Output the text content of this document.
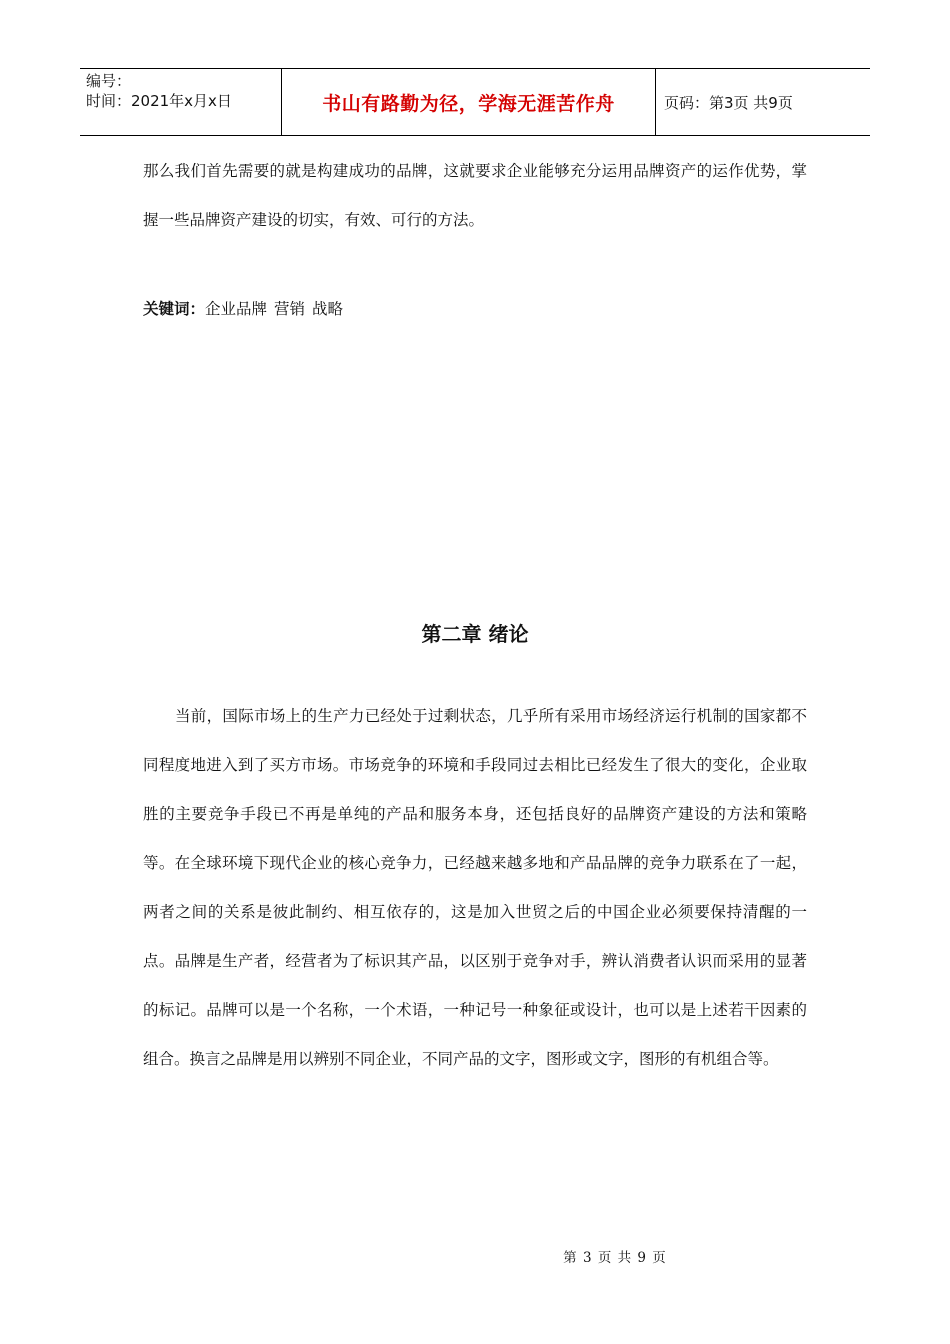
编号：
时间：2021年x月x日	书山有路勤为径，学海无涯苦作舟	页码：第3页 共9页

那么我们首先需要的就是构建成功的品牌，这就要求企业能够充分运用品牌资产的运作优势，掌握一些品牌资产建设的切实，有效、可行的方法。

关键词：企业品牌 营销 战略
第二章 绪论

当前，国际市场上的生产力已经处于过剩状态，几乎所有采用市场经济运行机制的国家都不同程度地进入到了买方市场。市场竞争的环境和手段同过去相比已经发生了很大的变化，企业取胜的主要竞争手段已不再是单纯的产品和服务本身，还包括良好的品牌资产建设的方法和策略等。在全球环境下现代企业的核心竞争力，已经越来越多地和产品品牌的竞争力联系在了一起，两者之间的关系是彼此制约、相互依存的，这是加入世贸之后的中国企业必须要保持清醒的一点。品牌是生产者，经营者为了标识其产品，以区别于竞争对手，辨认消费者认识而采用的显著的标记。品牌可以是一个名称，一个术语，一种记号一种象征或设计，也可以是上述若干因素的组合。换言之品牌是用以辨别不同企业，不同产品的文字，图形或文字，图形的有机组合等。

第 3 页 共 9 页
